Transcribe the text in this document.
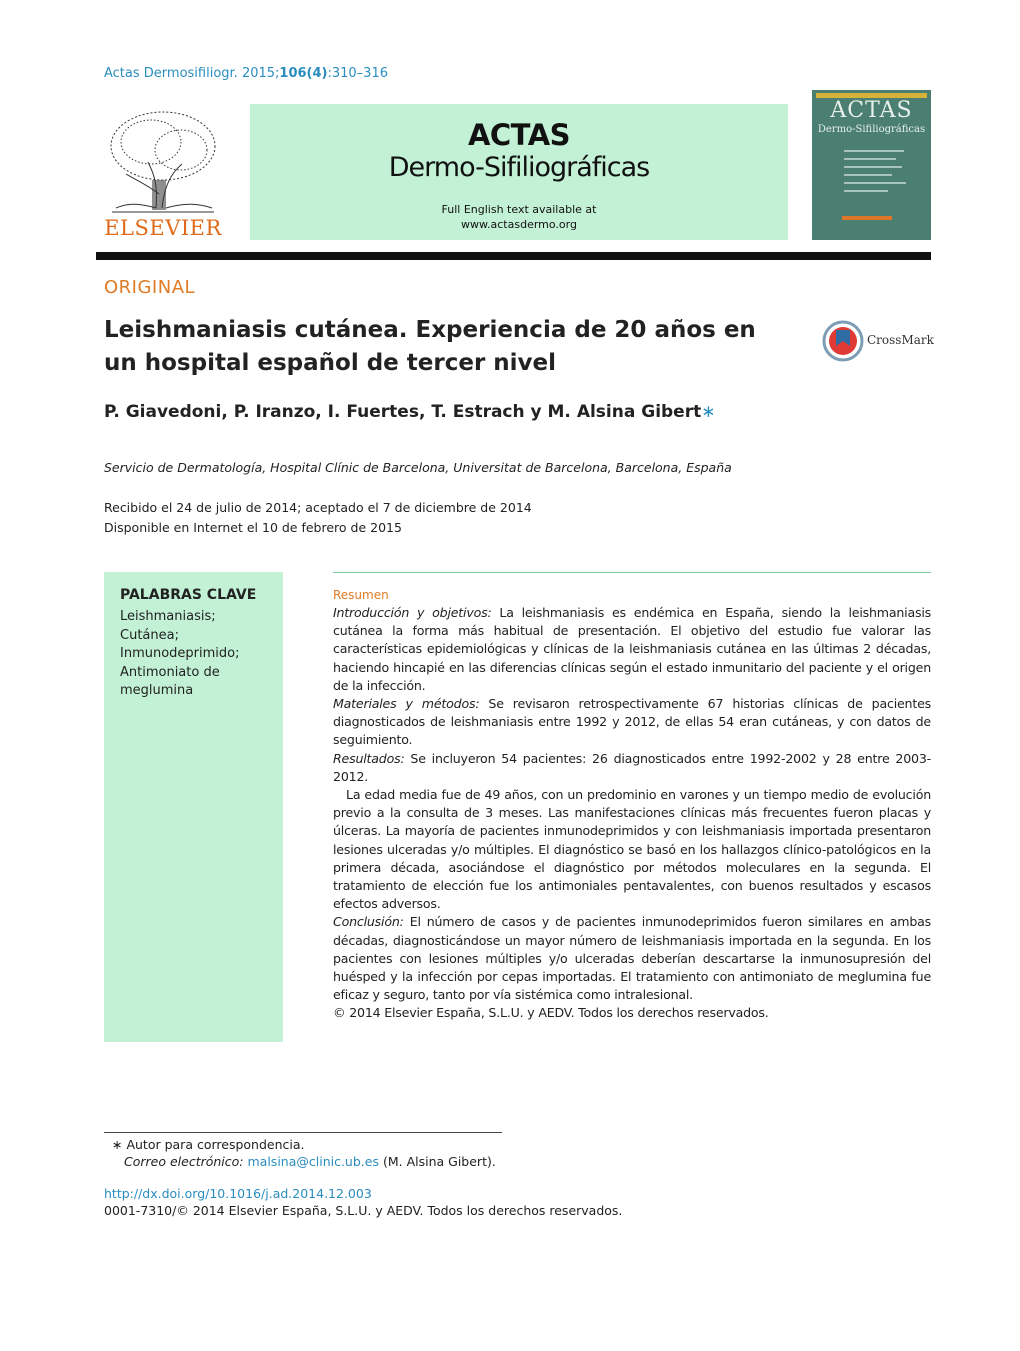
Actas Dermosifiliogr. 2015;106(4):310–316
ELSEVIER
ACTAS
Dermo-Sifiliográficas
Full English text available at
www.actasdermo.org
ACTAS
Dermo-Sifiliográficas
ORIGINAL
Leishmaniasis cutánea. Experiencia de 20 años en un hospital español de tercer nivel
CrossMark
P. Giavedoni, P. Iranzo, I. Fuertes, T. Estrach y M. Alsina Gibert∗
Servicio de Dermatología, Hospital Clínic de Barcelona, Universitat de Barcelona, Barcelona, España
Recibido el 24 de julio de 2014; aceptado el 7 de diciembre de 2014
Disponible en Internet el 10 de febrero de 2015
PALABRAS CLAVE
Leishmaniasis;
Cutánea;
Inmunodeprimido;
Antimoniato de meglumina
Resumen

Introducción y objetivos: La leishmaniasis es endémica en España, siendo la leishmaniasis cutánea la forma más habitual de presentación. El objetivo del estudio fue valorar las características epidemiológicas y clínicas de la leishmaniasis cutánea en las últimas 2 décadas, haciendo hincapié en las diferencias clínicas según el estado inmunitario del paciente y el origen de la infección.

Materiales y métodos: Se revisaron retrospectivamente 67 historias clínicas de pacientes diagnosticados de leishmaniasis entre 1992 y 2012, de ellas 54 eran cutáneas, y con datos de seguimiento.

Resultados: Se incluyeron 54 pacientes: 26 diagnosticados entre 1992-2002 y 28 entre 2003-2012.

La edad media fue de 49 años, con un predominio en varones y un tiempo medio de evolución previo a la consulta de 3 meses. Las manifestaciones clínicas más frecuentes fueron placas y úlceras. La mayoría de pacientes inmunodeprimidos y con leishmaniasis importada presentaron lesiones ulceradas y/o múltiples. El diagnóstico se basó en los hallazgos clínico-patológicos en la primera década, asociándose el diagnóstico por métodos moleculares en la segunda. El tratamiento de elección fue los antimoniales pentavalentes, con buenos resultados y escasos efectos adversos.

Conclusión: El número de casos y de pacientes inmunodeprimidos fueron similares en ambas décadas, diagnosticándose un mayor número de leishmaniasis importada en la segunda. En los pacientes con lesiones múltiples y/o ulceradas deberían descartarse la inmunosupresión del huésped y la infección por cepas importadas. El tratamiento con antimoniato de meglumina fue eficaz y seguro, tanto por vía sistémica como intralesional.

© 2014 Elsevier España, S.L.U. y AEDV. Todos los derechos reservados.

∗ Autor para correspondencia.
Correo electrónico: malsina@clinic.ub.es (M. Alsina Gibert).
http://dx.doi.org/10.1016/j.ad.2014.12.003
0001-7310/© 2014 Elsevier España, S.L.U. y AEDV. Todos los derechos reservados.
